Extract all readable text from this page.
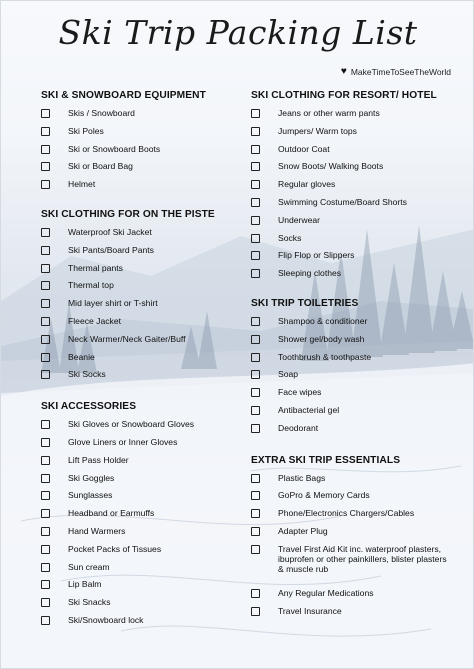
Ski Trip Packing List
♥ MakeTimeToSeeTheWorld
SKI & SNOWBOARD EQUIPMENT
Skis / Snowboard
Ski Poles
Ski or Snowboard Boots
Ski or Board Bag
Helmet
SKI CLOTHING FOR ON THE PISTE
Waterproof Ski Jacket
Ski Pants/Board Pants
Thermal pants
Thermal top
Mid layer shirt or T-shirt
Fleece Jacket
Neck Warmer/Neck Gaiter/Buff
Beanie
Ski Socks
SKI ACCESSORIES
Ski Gloves or Snowboard Gloves
Glove Liners or Inner Gloves
Lift Pass Holder
Ski Goggles
Sunglasses
Headband or Earmuffs
Hand Warmers
Pocket Packs of Tissues
Sun cream
Lip Balm
Ski Snacks
Ski/Snowboard lock
SKI CLOTHING FOR RESORT/ HOTEL
Jeans or other warm pants
Jumpers/ Warm tops
Outdoor Coat
Snow Boots/ Walking Boots
Regular gloves
Swimming Costume/Board Shorts
Underwear
Socks
Flip Flop or Slippers
Sleeping clothes
SKI TRIP TOILETRIES
Shampoo & conditioner
Shower gel/body wash
Toothbrush & toothpaste
Soap
Face wipes
Antibacterial gel
Deodorant
EXTRA SKI TRIP ESSENTIALS
Plastic Bags
GoPro & Memory Cards
Phone/Electronics Chargers/Cables
Adapter Plug
Travel First Aid Kit inc. waterproof plasters, ibuprofen or other painkillers, blister plasters & muscle rub
Any Regular Medications
Travel Insurance
